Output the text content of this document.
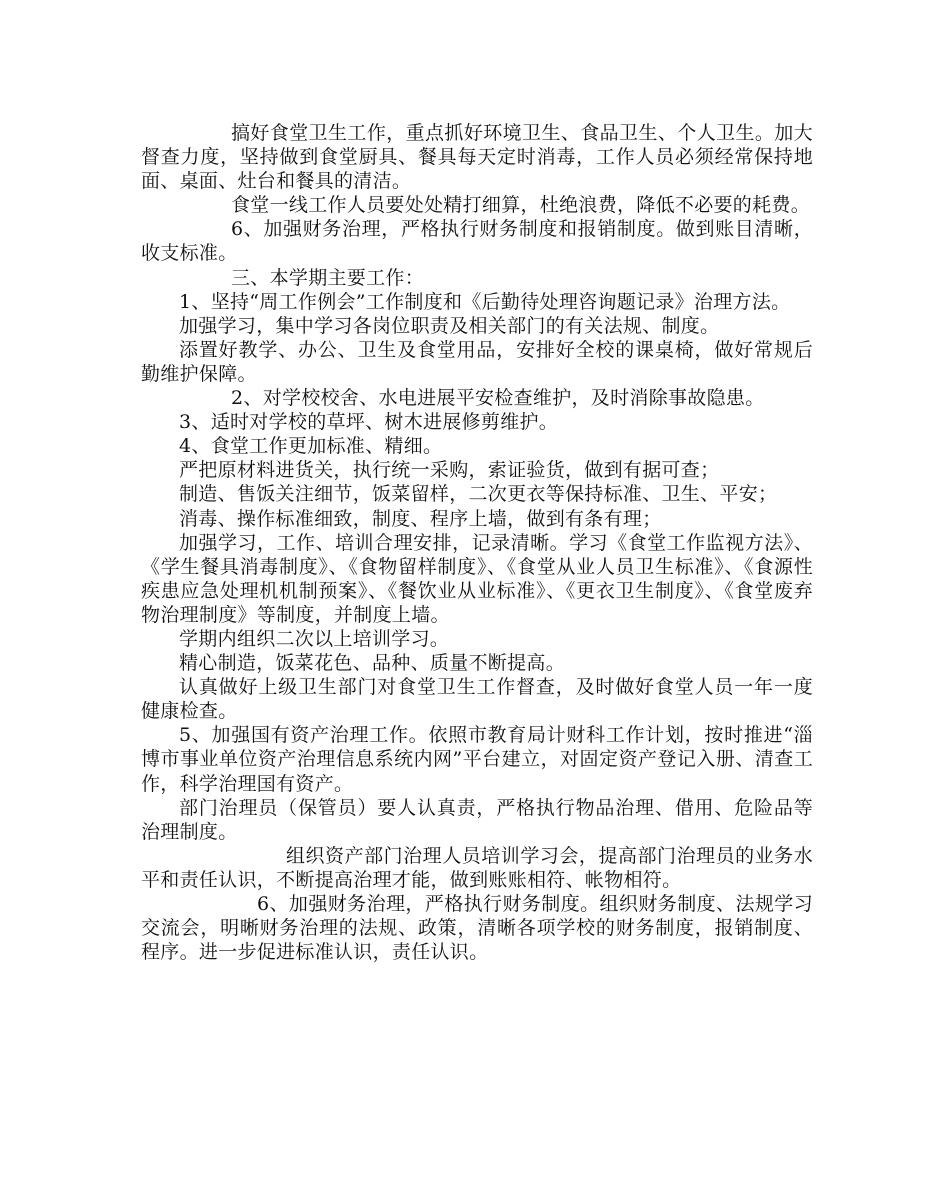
搞好食堂卫生工作，重点抓好环境卫生、食品卫生、个人卫生。加大督查力度，坚持做到食堂厨具、餐具每天定时消毒，工作人员必须经常保持地面、桌面、灶台和餐具的清洁。

食堂一线工作人员要处处精打细算，杜绝浪费，降低不必要的耗费。

6、加强财务治理，严格执行财务制度和报销制度。做到账目清晰，收支标准。

三、本学期主要工作：

1、坚持“周工作例会”工作制度和《后勤待处理咨询题记录》治理方法。

加强学习，集中学习各岗位职责及相关部门的有关法规、制度。

添置好教学、办公、卫生及食堂用品，安排好全校的课桌椅，做好常规后勤维护保障。

2、对学校校舍、水电进展平安检查维护，及时消除事故隐患。

3、适时对学校的草坪、树木进展修剪维护。

4、食堂工作更加标准、精细。

严把原材料进货关，执行统一采购，索证验货，做到有据可查；

制造、售饭关注细节，饭菜留样，二次更衣等保持标准、卫生、平安；

消毒、操作标准细致，制度、程序上墙，做到有条有理；

加强学习，工作、培训合理安排，记录清晰。学习《食堂工作监视方法》、《学生餐具消毒制度》、《食物留样制度》、《食堂从业人员卫生标准》、《食源性疾患应急处理机机制预案》、《餐饮业从业标准》、《更衣卫生制度》、《食堂废弃物治理制度》等制度，并制度上墙。

学期内组织二次以上培训学习。

精心制造，饭菜花色、品种、质量不断提高。

认真做好上级卫生部门对食堂卫生工作督查，及时做好食堂人员一年一度健康检查。

5、加强国有资产治理工作。依照市教育局计财科工作计划，按时推进“淄博市事业单位资产治理信息系统内网”平台建立，对固定资产登记入册、清查工作，科学治理国有资产。

部门治理员（保管员）要人认真责，严格执行物品治理、借用、危险品等治理制度。

组织资产部门治理人员培训学习会，提高部门治理员的业务水平和责任认识，不断提高治理才能，做到账账相符、帐物相符。

6、加强财务治理，严格执行财务制度。组织财务制度、法规学习交流会，明晰财务治理的法规、政策，清晰各项学校的财务制度，报销制度、程序。进一步促进标准认识，责任认识。
